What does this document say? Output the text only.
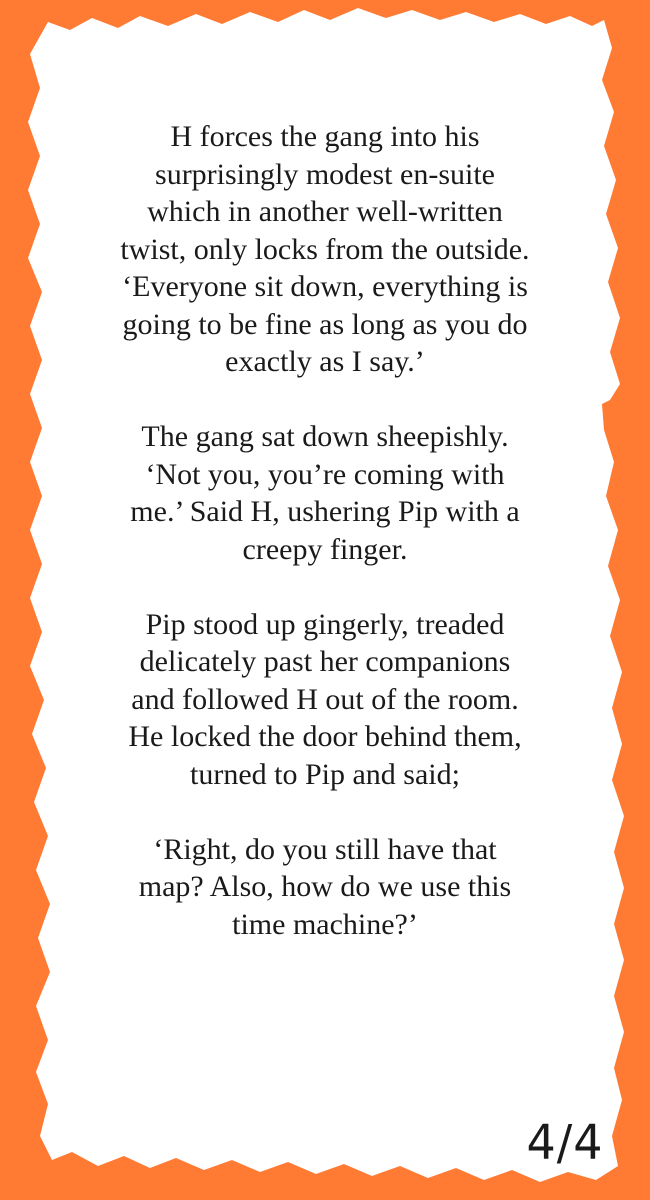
H forces the gang into his
surprisingly modest en-suite
which in another well-written
twist, only locks from the outside.
‘Everyone sit down, everything is
going to be fine as long as you do
exactly as I say.’

The gang sat down sheepishly.
‘Not you, you’re coming with
me.’ Said H, ushering Pip with a
creepy finger.

Pip stood up gingerly, treaded
delicately past her companions
and followed H out of the room.
He locked the door behind them,
turned to Pip and said;

‘Right, do you still have that
map? Also, how do we use this
time machine?’

4/4
